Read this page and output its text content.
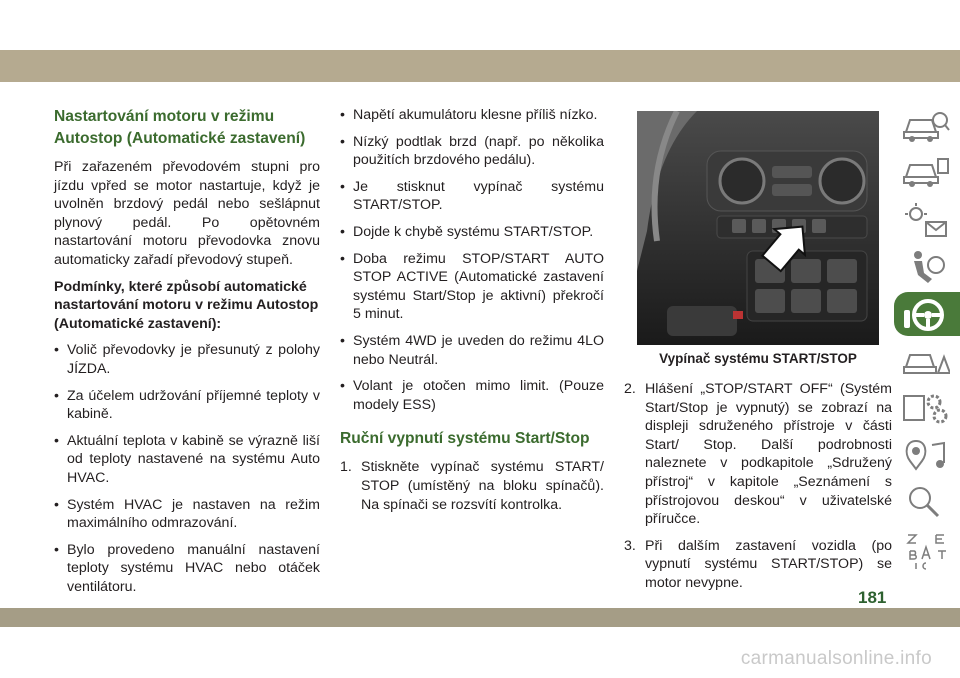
Nastartování motoru v režimu Autostop (Automatické zastavení)

Při zařazeném převodovém stupni pro jízdu vpřed se motor nastartuje, když je uvolněn brzdový pedál nebo sešlápnut plynový pedál. Po opětovném nastartování motoru převodovka znovu automaticky zařadí převodový stupeň.

Podmínky, které způsobí automatické nastartování motoru v režimu Autostop (Automatické zastavení):

• Volič převodovky je přesunutý z polohy JÍZDA.
• Za účelem udržování příjemné teploty v kabině.
• Aktuální teplota v kabině se výrazně liší od teploty nastavené na systému Auto HVAC.
• Systém HVAC je nastaven na režim maximálního odmrazování.
• Bylo provedeno manuální nastavení teploty systému HVAC nebo otáček ventilátoru.
• Napětí akumulátoru klesne příliš nízko.
• Nízký podtlak brzd (např. po několika použitích brzdového pedálu).
• Je stisknut vypínač systému START/STOP.
• Dojde k chybě systému START/STOP.
• Doba režimu STOP/START AUTO STOP ACTIVE (Automatické zastavení systému Start/Stop je aktivní) překročí 5 minut.
• Systém 4WD je uveden do režimu 4LO nebo Neutrál.
• Volant je otočen mimo limit. (Pouze modely ESS)
Ruční vypnutí systému Start/Stop
1. Stiskněte vypínač systému START/ STOP (umístěný na bloku spínačů). Na spínači se rozsvítí kontrolka.
Vypínač systému START/STOP
2. Hlášení „STOP/START OFF“ (Systém Start/Stop je vypnutý) se zobrazí na displeji sdruženého přístroje v části Start/ Stop. Další podrobnosti naleznete v podkapitole „Sdružený přístroj“ v kapitole „Seznámení s přístrojovou deskou“ v uživatelské příručce.
3. Při dalším zastavení vozidla (po vypnutí systému START/STOP) se motor nevypne.
181
carmanualsonline.info
